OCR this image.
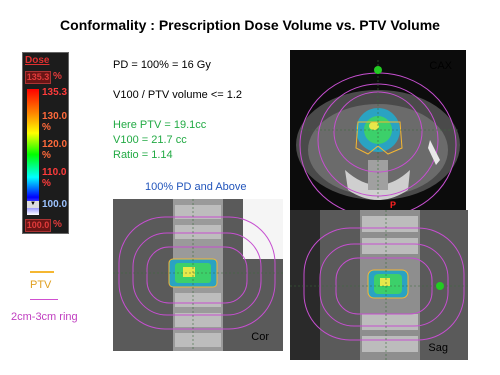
Conformality : Prescription Dose Volume vs. PTV Volume
Dose
135.3 %
135.3
130.0 %
120.0 %
110.0 %
▼ 100.0
100.0 %
PTV
2cm-3cm ring
PD = 100% = 16 Gy
V100 / PTV volume <= 1.2
Here PTV = 19.1cc
V100 = 21.7 cc
Ratio = 1.14
100% PD and Above
CAX
P
Cor
Sag
